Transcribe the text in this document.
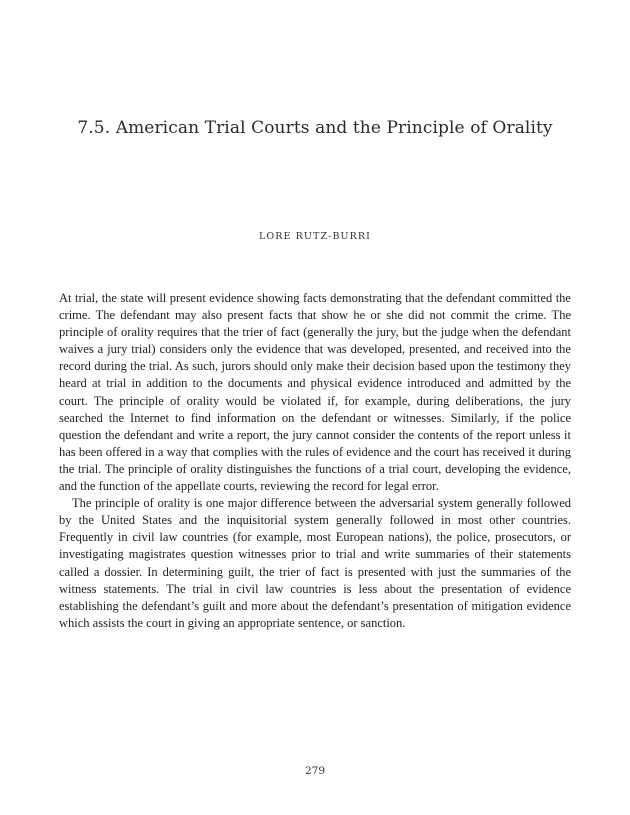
7.5. American Trial Courts and the Principle of Orality
LORE RUTZ-BURRI

At trial, the state will present evidence showing facts demonstrating that the defendant committed the crime. The defendant may also present facts that show he or she did not commit the crime. The principle of orality requires that the trier of fact (generally the jury, but the judge when the defendant waives a jury trial) considers only the evidence that was developed, presented, and received into the record during the trial. As such, jurors should only make their decision based upon the testimony they heard at trial in addition to the documents and physical evidence introduced and admitted by the court. The principle of orality would be violated if, for example, during deliberations, the jury searched the Internet to find information on the defendant or witnesses. Similarly, if the police question the defendant and write a report, the jury cannot consider the contents of the report unless it has been offered in a way that complies with the rules of evidence and the court has received it during the trial. The principle of orality distinguishes the functions of a trial court, developing the evidence, and the function of the appellate courts, reviewing the record for legal error.

The principle of orality is one major difference between the adversarial system generally followed by the United States and the inquisitorial system generally followed in most other countries. Frequently in civil law countries (for example, most European nations), the police, prosecutors, or investigating magistrates question witnesses prior to trial and write summaries of their statements called a dossier. In determining guilt, the trier of fact is presented with just the summaries of the witness statements. The trial in civil law countries is less about the presentation of evidence establishing the defendant’s guilt and more about the defendant’s presentation of mitigation evidence which assists the court in giving an appropriate sentence, or sanction.

279
